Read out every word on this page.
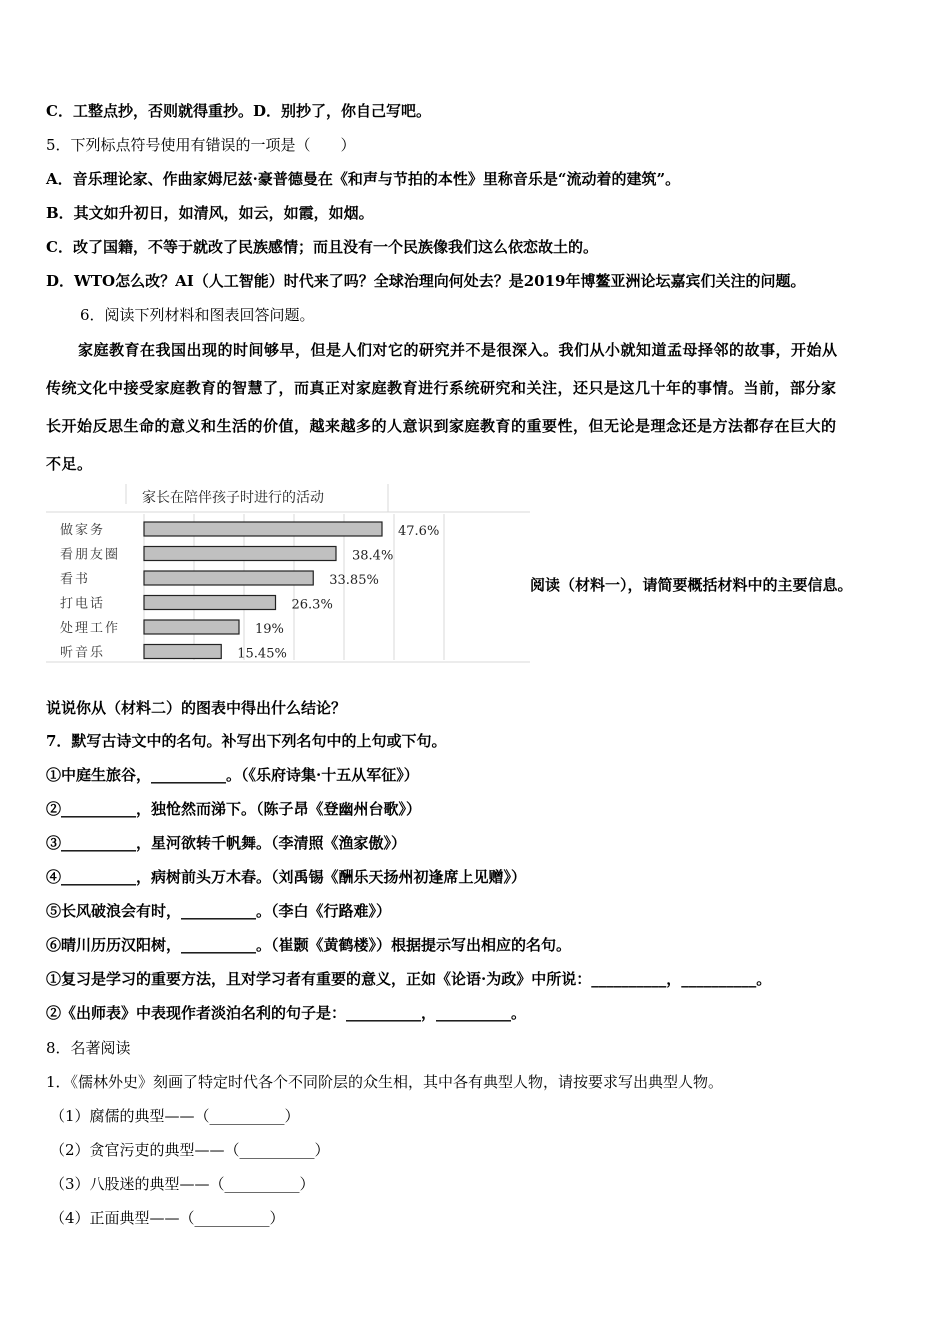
C．工整点抄，否则就得重抄。D．别抄了，你自己写吧。
5．下列标点符号使用有错误的一项是（　　）
A．音乐理论家、作曲家姆尼兹·豪普德曼在《和声与节拍的本性》里称音乐是“流动着的建筑”。
B．其文如升初日，如清风，如云，如霞，如烟。
C．改了国籍，不等于就改了民族感情；而且没有一个民族像我们这么依恋故土的。
D．WTO怎么改？AI（人工智能）时代来了吗？全球治理向何处去？是2019年博鳌亚洲论坛嘉宾们关注的问题。
6．阅读下列材料和图表回答问题。

家庭教育在我国出现的时间够早，但是人们对它的研究并不是很深入。我们从小就知道孟母择邻的故事，开始从

传统文化中接受家庭教育的智慧了，而真正对家庭教育进行系统研究和关注，还只是这几十年的事情。当前，部分家

长开始反思生命的意义和生活的价值，越来越多的人意识到家庭教育的重要性，但无论是理念还是方法都存在巨大的

不足。

家长在陪伴孩子时进行的活动
做家务	47.6%
看朋友圈	38.4%
看书	33.85%
打电话	26.3%
处理工作	19%
听音乐	15.45%
阅读（材料一），请简要概括材料中的主要信息。
说说你从（材料二）的图表中得出什么结论？
7．默写古诗文中的名句。补写出下列名句中的上句或下句。
①中庭生旅谷，__________。（《乐府诗集·十五从军征》）
②__________，独怆然而涕下。（陈子昂《登幽州台歌》）
③__________，星河欲转千帆舞。（李清照《渔家傲》）
④__________，病树前头万木春。（刘禹锡《酬乐天扬州初逢席上见赠》）
⑤长风破浪会有时，__________。（李白《行路难》）
⑥晴川历历汉阳树，__________。（崔颢《黄鹤楼》）根据提示写出相应的名句。
①复习是学习的重要方法，且对学习者有重要的意义，正如《论语·为政》中所说：__________，__________。
②《出师表》中表现作者淡泊名利的句子是：__________，__________。
8．名著阅读
1．《儒林外史》刻画了特定时代各个不同阶层的众生相，其中各有典型人物，请按要求写出典型人物。
（1）腐儒的典型——（__________）
（2）贪官污吏的典型——（__________）
（3）八股迷的典型——（__________）
（4）正面典型——（__________）
